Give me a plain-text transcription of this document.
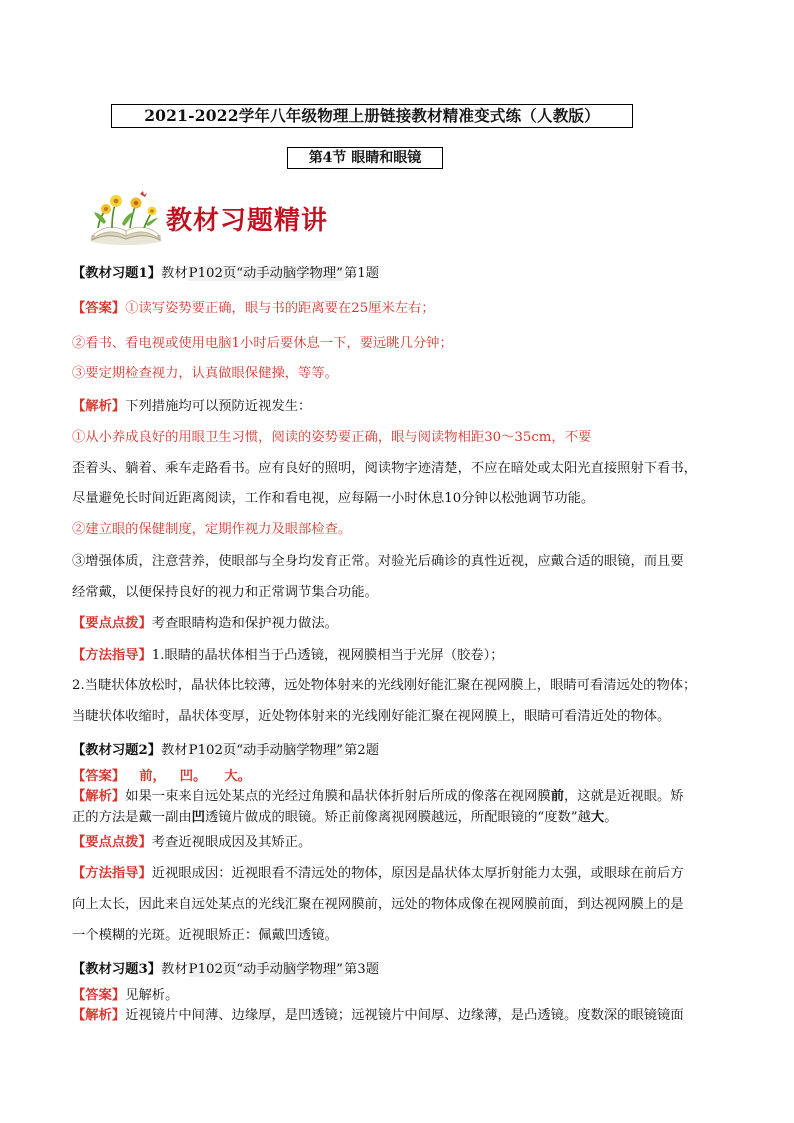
2021-2022学年八年级物理上册链接教材精准变式练（人教版）
第4节 眼睛和眼镜
教材习题精讲
【教材习题1】教材P102页“动手动脑学物理”第1题
【答案】①读写姿势要正确，眼与书的距离要在25厘米左右；
②看书、看电视或使用电脑1小时后要休息一下，要远眺几分钟；
③要定期检查视力，认真做眼保健操，等等。
【解析】下列措施均可以预防近视发生：
①从小养成良好的用眼卫生习惯，阅读的姿势要正确，眼与阅读物相距30～35cm，不要
歪着头、躺着、乘车走路看书。应有良好的照明，阅读物字迹清楚，不应在暗处或太阳光直接照射下看书，
尽量避免长时间近距离阅读，工作和看电视，应每隔一小时休息10分钟以松弛调节功能。
②建立眼的保健制度，定期作视力及眼部检查。
③增强体质，注意营养，使眼部与全身均发育正常。对验光后确诊的真性近视，应戴合适的眼镜，而且要
经常戴，以便保持良好的视力和正常调节集合功能。
【要点点拨】考查眼睛构造和保护视力做法。
【方法指导】1.眼睛的晶状体相当于凸透镜，视网膜相当于光屏（胶卷）；
2.当睫状体放松时，晶状体比较薄，远处物体射来的光线刚好能汇聚在视网膜上，眼睛可看清远处的物体；
当睫状体收缩时，晶状体变厚，近处物体射来的光线刚好能汇聚在视网膜上，眼睛可看清近处的物体。
【教材习题2】教材P102页“动手动脑学物理”第2题
【答案】 前， 凹。 大。
【解析】如果一束来自远处某点的光经过角膜和晶状体折射后所成的像落在视网膜前，这就是近视眼。矫
正的方法是戴一副由凹透镜片做成的眼镜。矫正前像离视网膜越远，所配眼镜的“度数”越大。
【要点点拨】考查近视眼成因及其矫正。
【方法指导】近视眼成因：近视眼看不清远处的物体，原因是晶状体太厚折射能力太强，或眼球在前后方
向上太长，因此来自远处某点的光线汇聚在视网膜前，远处的物体成像在视网膜前面，到达视网膜上的是
一个模糊的光斑。近视眼矫正：佩戴凹透镜。
【教材习题3】教材P102页“动手动脑学物理”第3题
【答案】见解析。
【解析】近视镜片中间薄、边缘厚，是凹透镜；远视镜片中间厚、边缘薄，是凸透镜。度数深的眼镜镜面
